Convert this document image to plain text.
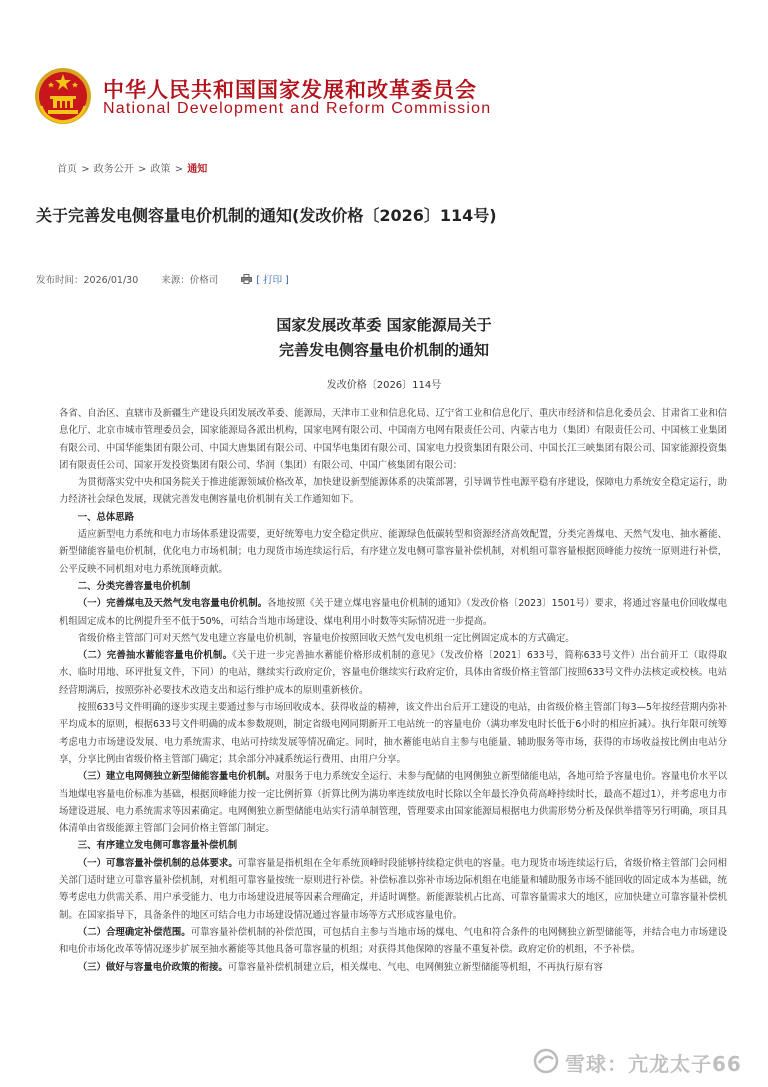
中华人民共和国国家发展和改革委员会
National Development and Reform Commission
首页 > 政务公开 > 政策 > 通知
关于完善发电侧容量电价机制的通知(发改价格〔2026〕114号)
发布时间：2026/01/30 来源：价格司	[ 打印 ]
国家发展改革委 国家能源局关于
完善发电侧容量电价机制的通知
发改价格〔2026〕114号

各省、自治区、直辖市及新疆生产建设兵团发展改革委、能源局，天津市工业和信息化局、辽宁省工业和信息化厅、重庆市经济和信息化委员会、甘肃省工业和信息化厅、北京市城市管理委员会，国家能源局各派出机构，国家电网有限公司、中国南方电网有限责任公司、内蒙古电力（集团）有限责任公司、中国核工业集团有限公司、中国华能集团有限公司、中国大唐集团有限公司、中国华电集团有限公司、国家电力投资集团有限公司、中国长江三峡集团有限公司、国家能源投资集团有限责任公司、国家开发投资集团有限公司、华润（集团）有限公司、中国广核集团有限公司：

为贯彻落实党中央和国务院关于推进能源领域价格改革，加快建设新型能源体系的决策部署，引导调节性电源平稳有序建设，保障电力系统安全稳定运行，助力经济社会绿色发展，现就完善发电侧容量电价机制有关工作通知如下。

一、总体思路

适应新型电力系统和电力市场体系建设需要，更好统筹电力安全稳定供应、能源绿色低碳转型和资源经济高效配置，分类完善煤电、天然气发电、抽水蓄能、新型储能容量电价机制，优化电力市场机制；电力现货市场连续运行后，有序建立发电侧可靠容量补偿机制，对机组可靠容量根据顶峰能力按统一原则进行补偿，公平反映不同机组对电力系统顶峰贡献。

二、分类完善容量电价机制

（一）完善煤电及天然气发电容量电价机制。各地按照《关于建立煤电容量电价机制的通知》（发改价格〔2023〕1501号）要求，将通过容量电价回收煤电机组固定成本的比例提升至不低于50%，可结合当地市场建设、煤电利用小时数等实际情况进一步提高。

省级价格主管部门可对天然气发电建立容量电价机制，容量电价按照回收天然气发电机组一定比例固定成本的方式确定。

（二）完善抽水蓄能容量电价机制。《关于进一步完善抽水蓄能价格形成机制的意见》（发改价格〔2021〕633号，简称633号文件）出台前开工（取得取水、临时用地、环评批复文件，下同）的电站，继续实行政府定价，容量电价继续实行政府定价，具体由省级价格主管部门按照633号文件办法核定或校核。电站经营期满后，按照弥补必要技术改造支出和运行维护成本的原则重新核价。

按照633号文件明确的逐步实现主要通过参与市场回收成本、获得收益的精神，该文件出台后开工建设的电站，由省级价格主管部门每3—5年按经营期内弥补平均成本的原则，根据633号文件明确的成本参数规则，制定省级电网同期新开工电站统一的容量电价（满功率发电时长低于6小时的相应折减）。执行年限可统筹考虑电力市场建设发展、电力系统需求、电站可持续发展等情况确定。同时，抽水蓄能电站自主参与电能量、辅助服务等市场，获得的市场收益按比例由电站分享，分享比例由省级价格主管部门确定；其余部分冲减系统运行费用、由用户分享。

（三）建立电网侧独立新型储能容量电价机制。对服务于电力系统安全运行、未参与配储的电网侧独立新型储能电站，各地可给予容量电价。容量电价水平以当地煤电容量电价标准为基础，根据顶峰能力按一定比例折算（折算比例为满功率连续放电时长除以全年最长净负荷高峰持续时长，最高不超过1），并考虑电力市场建设进展、电力系统需求等因素确定。电网侧独立新型储能电站实行清单制管理，管理要求由国家能源局根据电力供需形势分析及保供举措等另行明确，项目具体清单由省级能源主管部门会同价格主管部门制定。

三、有序建立发电侧可靠容量补偿机制

（一）可靠容量补偿机制的总体要求。可靠容量是指机组在全年系统顶峰时段能够持续稳定供电的容量。电力现货市场连续运行后，省级价格主管部门会同相关部门适时建立可靠容量补偿机制，对机组可靠容量按统一原则进行补偿。补偿标准以弥补市场边际机组在电能量和辅助服务市场不能回收的固定成本为基础，统筹考虑电力供需关系、用户承受能力、电力市场建设进展等因素合理确定，并适时调整。新能源装机占比高、可靠容量需求大的地区，应加快建立可靠容量补偿机制。在国家指导下，具备条件的地区可结合电力市场建设情况通过容量市场等方式形成容量电价。

（二）合理确定补偿范围。可靠容量补偿机制的补偿范围，可包括自主参与当地市场的煤电、气电和符合条件的电网侧独立新型储能等，并结合电力市场建设和电价市场化改革等情况逐步扩展至抽水蓄能等其他具备可靠容量的机组；对获得其他保障的容量不重复补偿。政府定价的机组，不予补偿。

（三）做好与容量电价政策的衔接。可靠容量补偿机制建立后，相关煤电、气电、电网侧独立新型储能等机组，不再执行原有容

雪球：亢龙太子66
